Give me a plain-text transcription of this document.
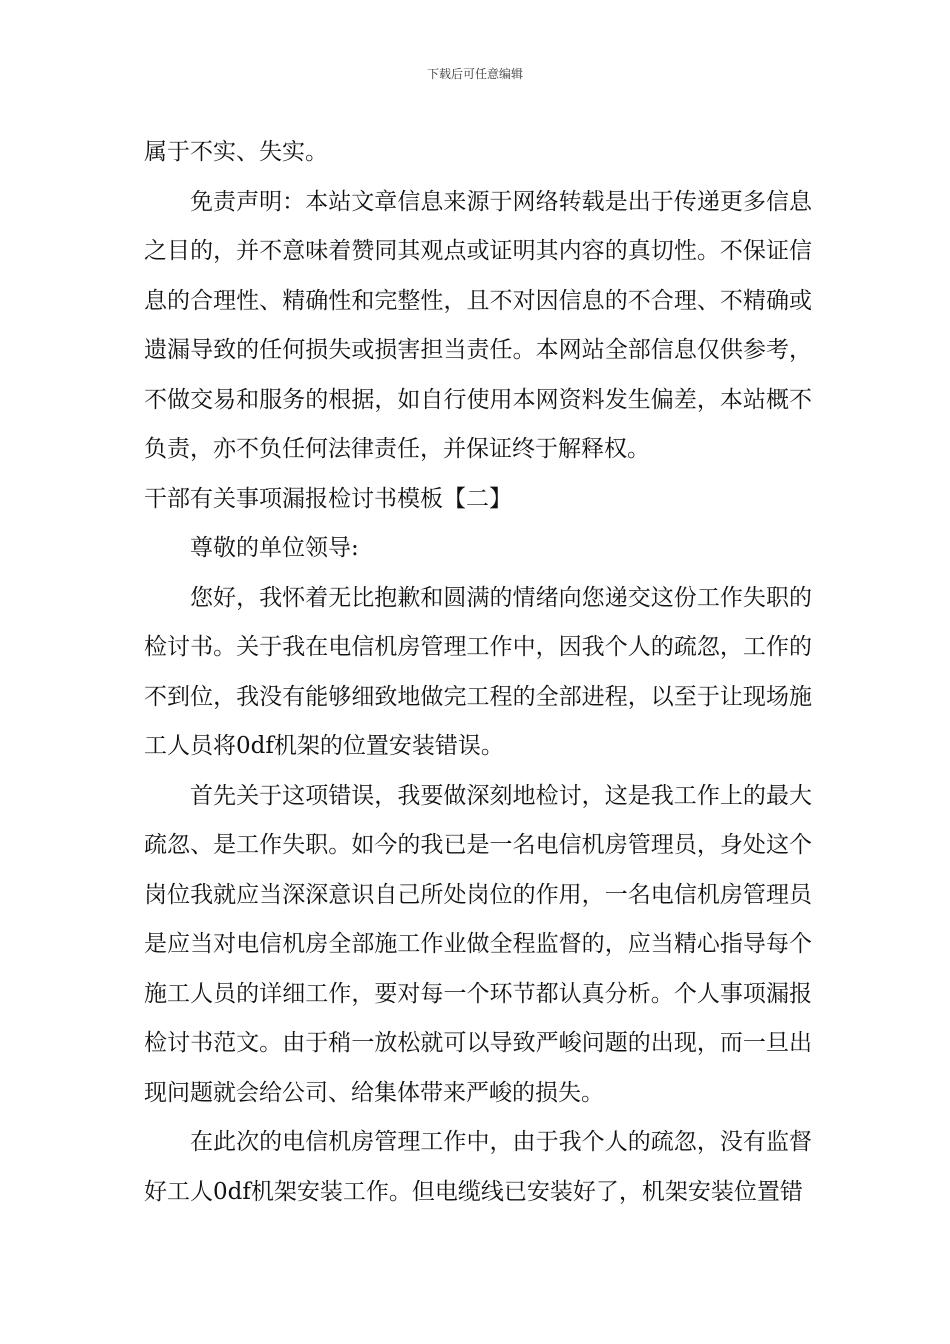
下载后可任意编辑

属于不实、失实。

免责声明：本站文章信息来源于网络转载是出于传递更多信息之目的，并不意味着赞同其观点或证明其内容的真切性。不保证信息的合理性、精确性和完整性，且不对因信息的不合理、不精确或遗漏导致的任何损失或损害担当责任。本网站全部信息仅供参考，不做交易和服务的根据，如自行使用本网资料发生偏差，本站概不负责，亦不负任何法律责任，并保证终于解释权。

干部有关事项漏报检讨书模板【二】

尊敬的单位领导:

您好，我怀着无比抱歉和圆满的情绪向您递交这份工作失职的检讨书。关于我在电信机房管理工作中，因我个人的疏忽，工作的不到位，我没有能够细致地做完工程的全部进程，以至于让现场施工人员将0df机架的位置安装错误。

首先关于这项错误，我要做深刻地检讨，这是我工作上的最大疏忽、是工作失职。如今的我已是一名电信机房管理员，身处这个岗位我就应当深深意识自己所处岗位的作用，一名电信机房管理员是应当对电信机房全部施工作业做全程监督的，应当精心指导每个施工人员的详细工作，要对每一个环节都认真分析。个人事项漏报检讨书范文。由于稍一放松就可以导致严峻问题的出现，而一旦出现问题就会给公司、给集体带来严峻的损失。

在此次的电信机房管理工作中，由于我个人的疏忽，没有监督好工人0df机架安装工作。但电缆线已安装好了，机架安装位置错
